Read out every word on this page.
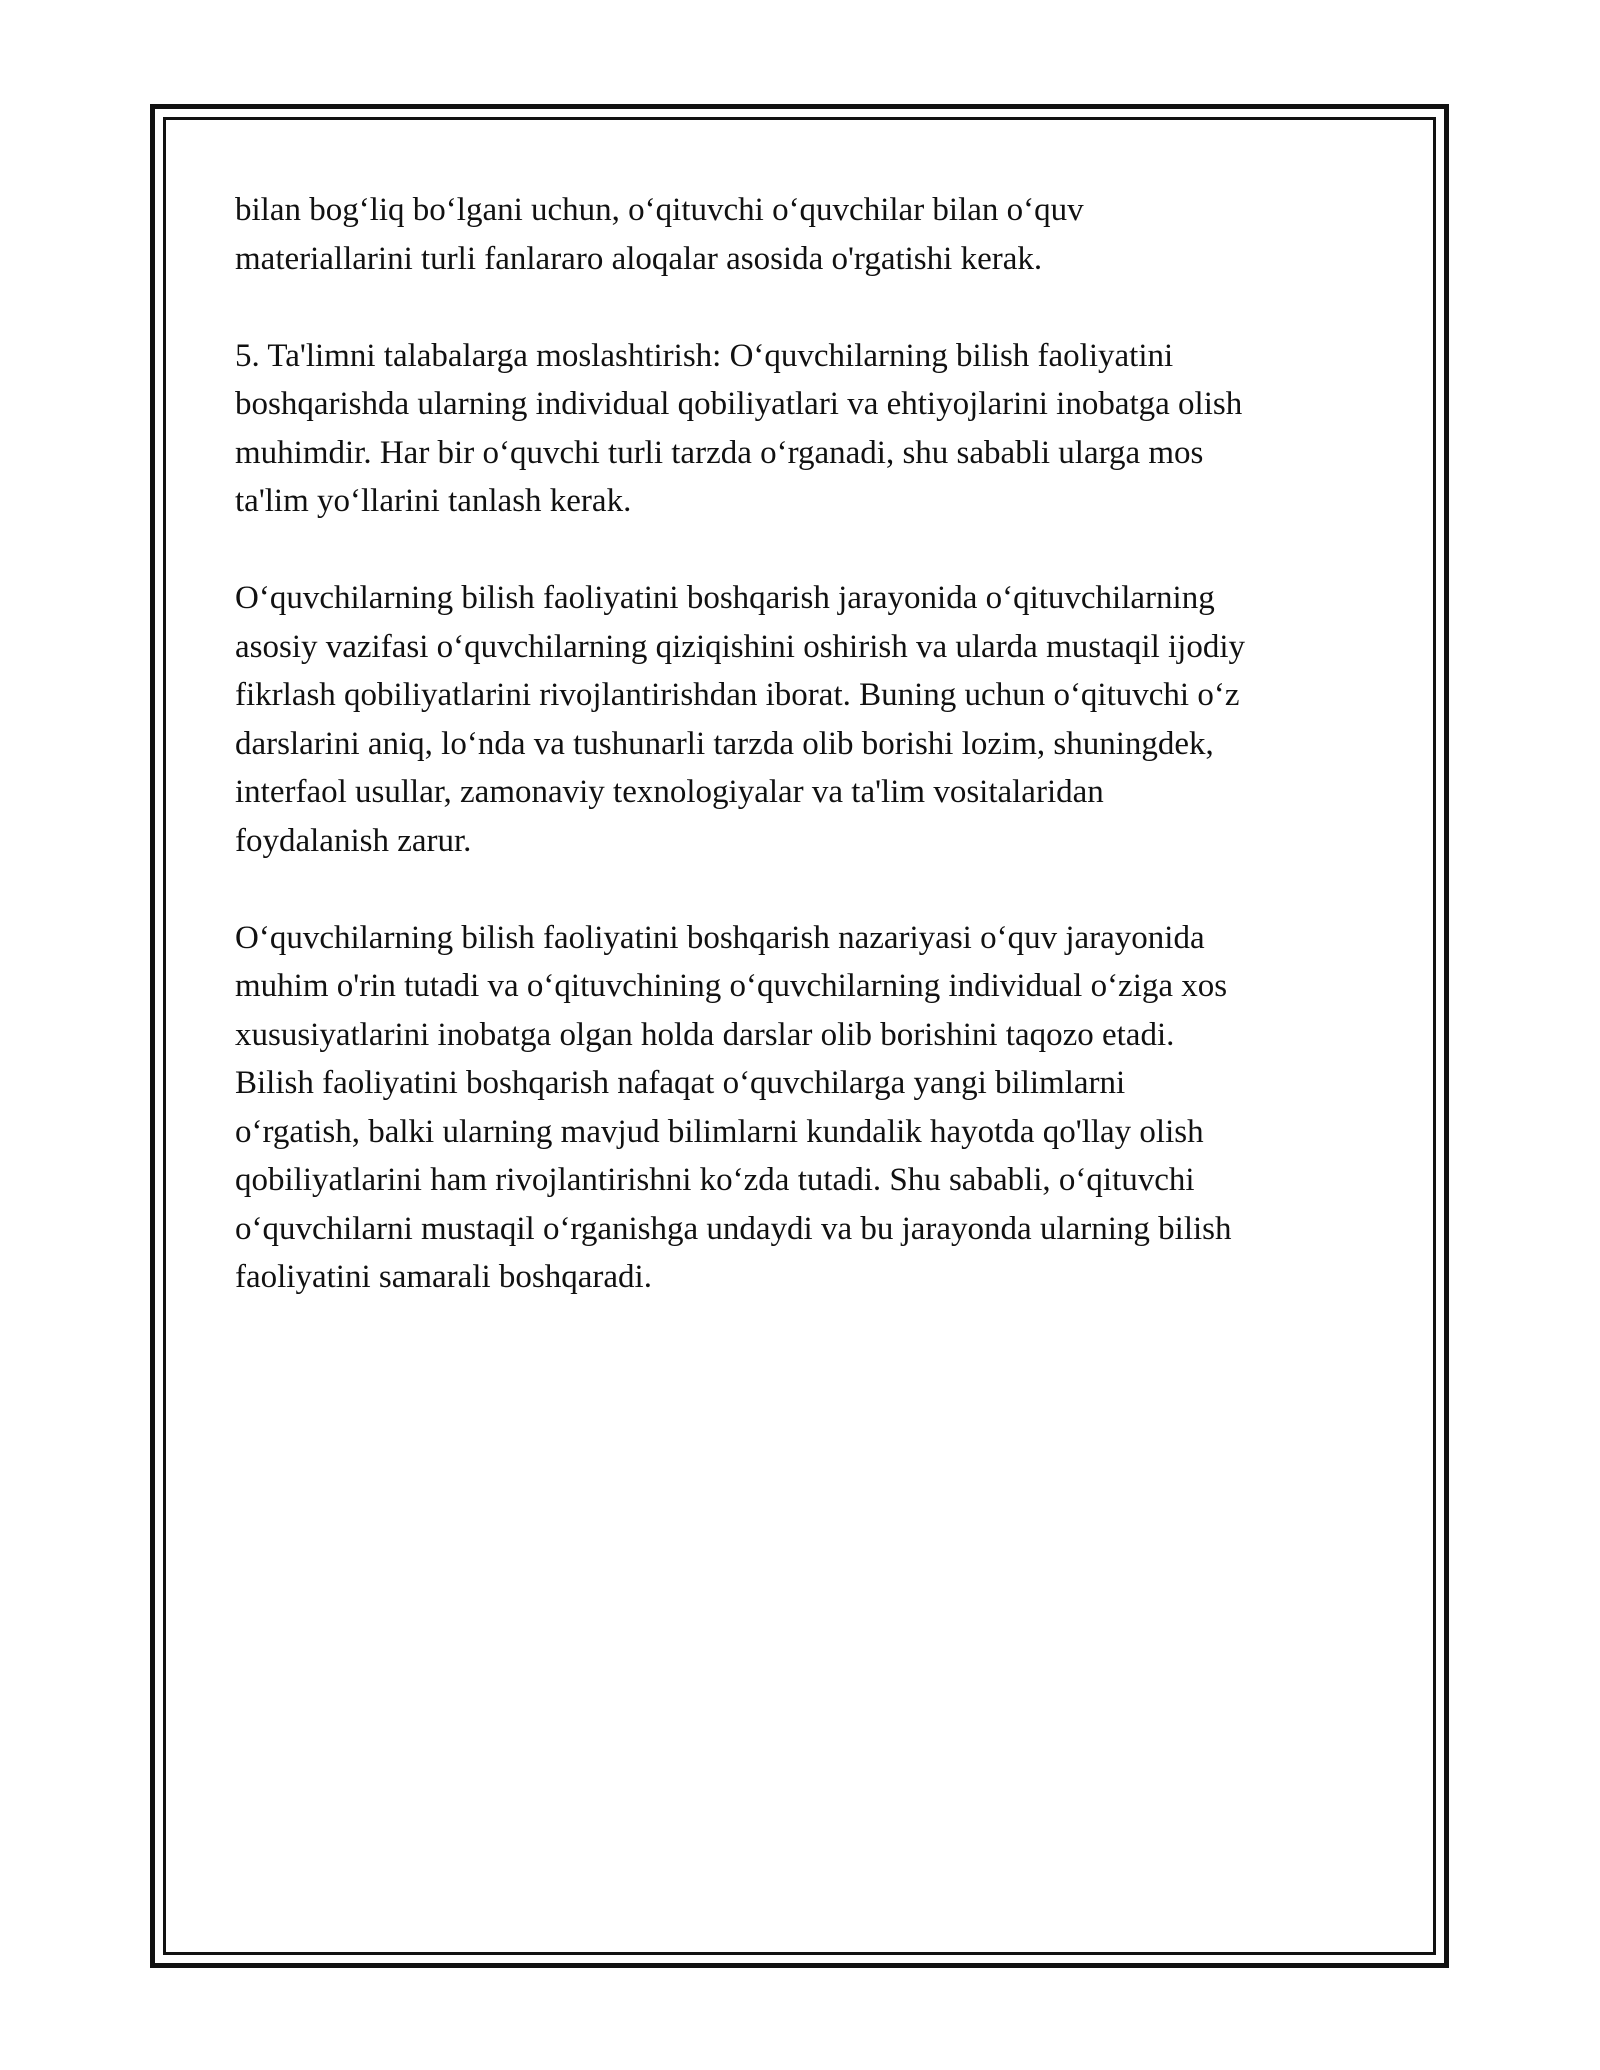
bilan bog‘liq bo‘lgani uchun, o‘qituvchi o‘quvchilar bilan o‘quv
materiallarini turli fanlararo aloqalar asosida o'rgatishi kerak.

5. Ta'limni talabalarga moslashtirish: O‘quvchilarning bilish faoliyatini
boshqarishda ularning individual qobiliyatlari va ehtiyojlarini inobatga olish
muhimdir. Har bir o‘quvchi turli tarzda o‘rganadi, shu sababli ularga mos
ta'lim yo‘llarini tanlash kerak.

O‘quvchilarning bilish faoliyatini boshqarish jarayonida o‘qituvchilarning
asosiy vazifasi o‘quvchilarning qiziqishini oshirish va ularda mustaqil ijodiy
fikrlash qobiliyatlarini rivojlantirishdan iborat. Buning uchun o‘qituvchi o‘z
darslarini aniq, lo‘nda va tushunarli tarzda olib borishi lozim, shuningdek,
interfaol usullar, zamonaviy texnologiyalar va ta'lim vositalaridan
foydalanish zarur.

O‘quvchilarning bilish faoliyatini boshqarish nazariyasi o‘quv jarayonida
muhim o'rin tutadi va o‘qituvchining o‘quvchilarning individual o‘ziga xos
xususiyatlarini inobatga olgan holda darslar olib borishini taqozo etadi.
Bilish faoliyatini boshqarish nafaqat o‘quvchilarga yangi bilimlarni
o‘rgatish, balki ularning mavjud bilimlarni kundalik hayotda qo'llay olish
qobiliyatlarini ham rivojlantirishni ko‘zda tutadi. Shu sababli, o‘qituvchi
o‘quvchilarni mustaqil o‘rganishga undaydi va bu jarayonda ularning bilish
faoliyatini samarali boshqaradi.
